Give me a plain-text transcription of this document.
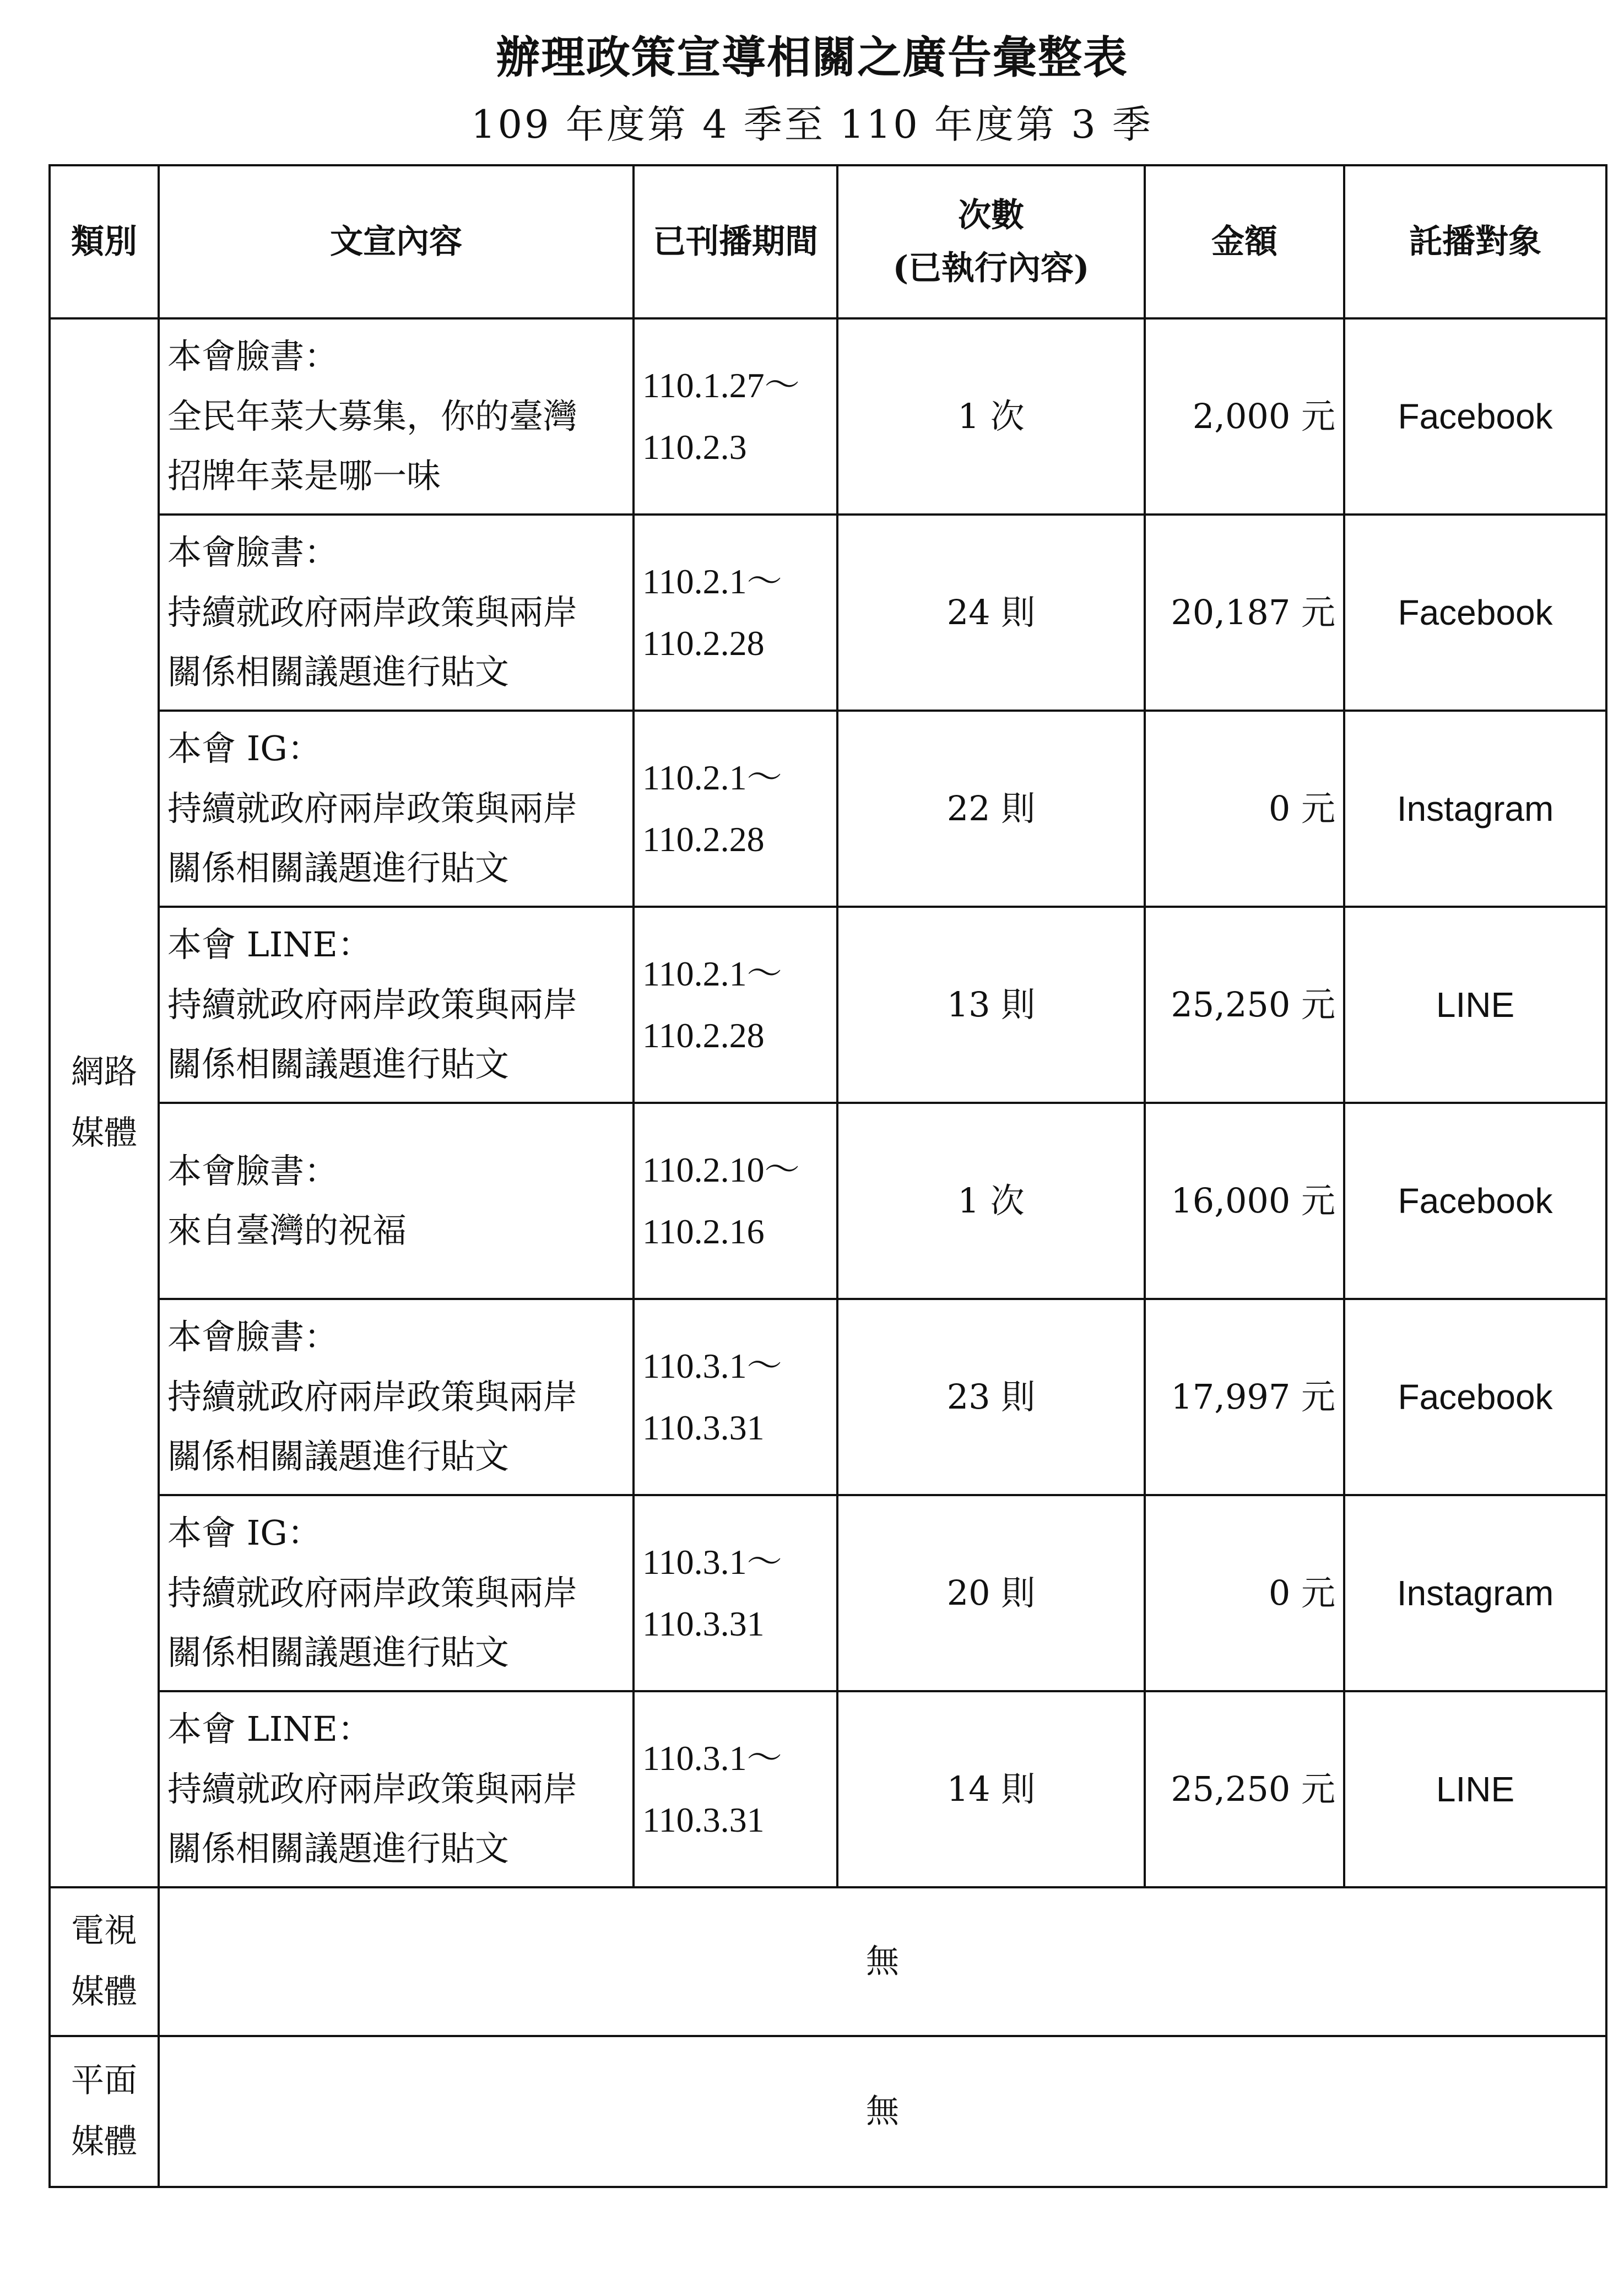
辦理政策宣導相關之廣告彙整表
109 年度第 4 季至 110 年度第 3 季
類別	文宣內容	已刊播期間	次數
(已執行內容)	金額	託播對象

網路
媒體	本會臉書：
全民年菜大募集，你的臺灣
招牌年菜是哪一味	110.1.27～
110.2.3	1 次	2,000 元	Facebook

	本會臉書：
持續就政府兩岸政策與兩岸
關係相關議題進行貼文	110.2.1～
110.2.28	24 則	20,187 元	Facebook

	本會 IG：
持續就政府兩岸政策與兩岸
關係相關議題進行貼文	110.2.1～
110.2.28	22 則	0 元	Instagram

	本會 LINE：
持續就政府兩岸政策與兩岸
關係相關議題進行貼文	110.2.1～
110.2.28	13 則	25,250 元	LINE

	本會臉書：
來自臺灣的祝福	110.2.10～
110.2.16	1 次	16,000 元	Facebook

	本會臉書：
持續就政府兩岸政策與兩岸
關係相關議題進行貼文	110.3.1～
110.3.31	23 則	17,997 元	Facebook

	本會 IG：
持續就政府兩岸政策與兩岸
關係相關議題進行貼文	110.3.1～
110.3.31	20 則	0 元	Instagram

	本會 LINE：
持續就政府兩岸政策與兩岸
關係相關議題進行貼文	110.3.1～
110.3.31	14 則	25,250 元	LINE

電視
媒體	無				

平面
媒體	無				
